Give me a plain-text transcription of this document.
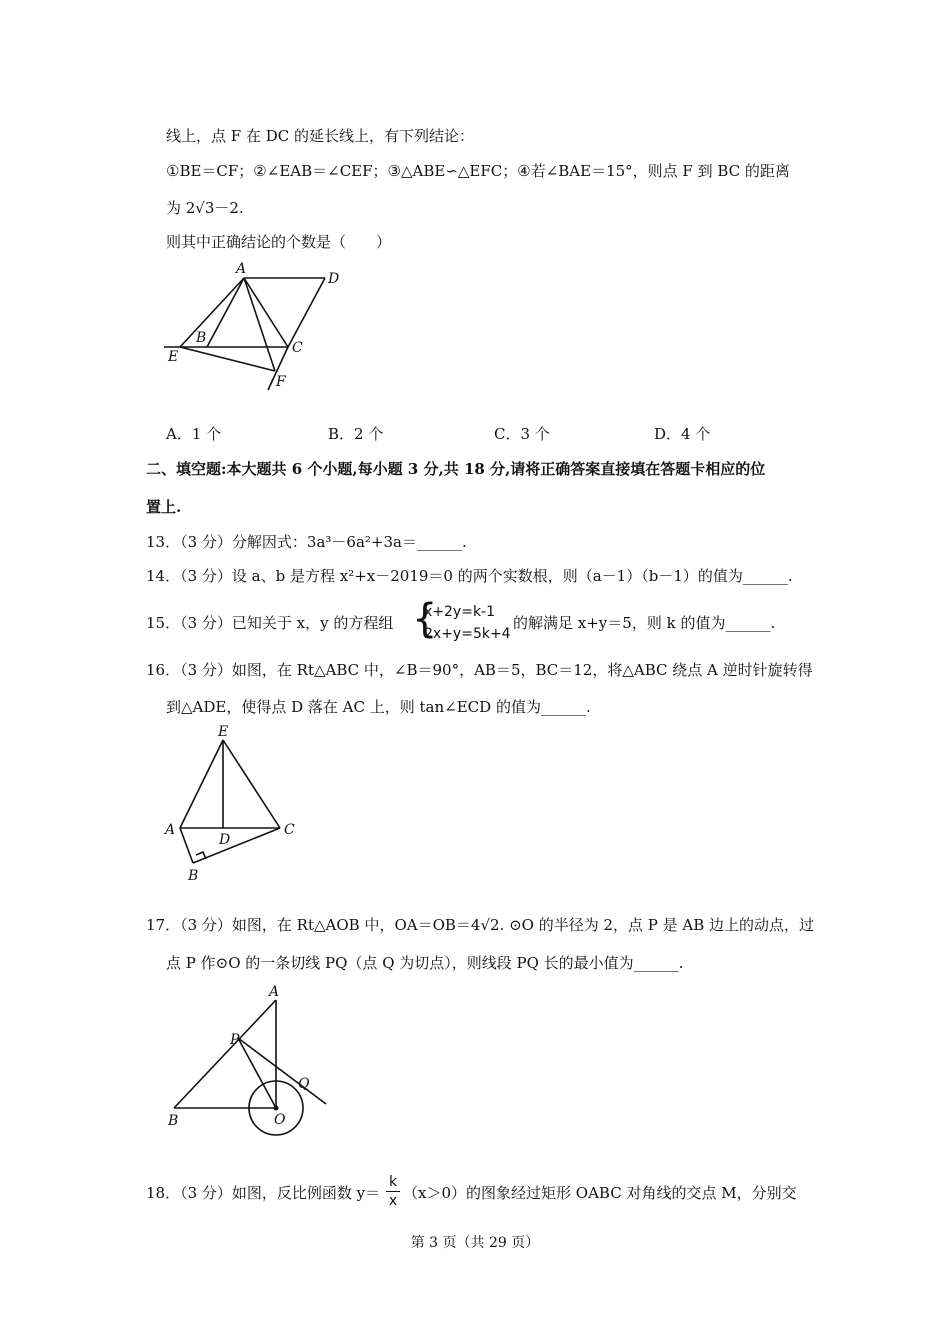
线上，点 F 在 DC 的延长线上，有下列结论：
①BE＝CF；②∠EAB＝∠CEF；③△ABE∽△EFC；④若∠BAE＝15°，则点 F 到 BC 的距离
为 2√3－2.
则其中正确结论的个数是（　　）
A
D
B
C
E
F
A．1 个	B．2 个	C．3 个	D．4 个
二、填空题:本大题共 6 个小题,每小题 3 分,共 18 分,请将正确答案直接填在答题卡相应的位
置上.
13．（3 分）分解因式：3a³－6a²+3a＝______.
14．（3 分）设 a、b 是方程 x²+x－2019＝0 的两个实数根，则（a－1）（b－1）的值为______.
15．（3 分）已知关于 x，y 的方程组 {
x+2y=k-1
2x+y=5k+4
的解满足 x+y＝5，则 k 的值为______.
16．（3 分）如图，在 Rt△ABC 中，∠B＝90°，AB＝5，BC＝12，将△ABC 绕点 A 逆时针旋转得
到△ADE，使得点 D 落在 AC 上，则 tan∠ECD 的值为______.
E
A
D
C
B
17．（3 分）如图，在 Rt△AOB 中，OA＝OB＝4√2. ⊙O 的半径为 2，点 P 是 AB 边上的动点，过
点 P 作⊙O 的一条切线 PQ（点 Q 为切点），则线段 PQ 长的最小值为______.
A
P
Q
B	O
18．（3 分）如图，反比例函数 $y= \frac{k}{x} (x>0)$的图象经过矩形 OABC 对角线的交点 M，分别交
第 3 页（共 29 页）
